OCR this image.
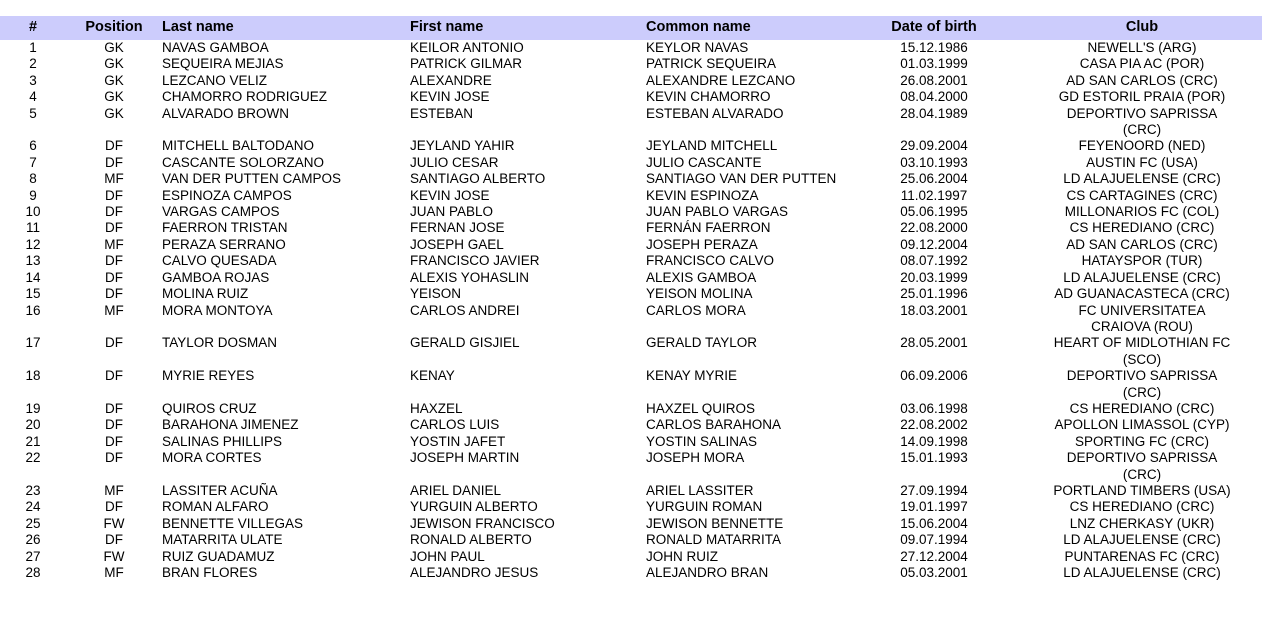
#	Position	Last name	First name	Common name	Date of birth	Club
1	GK	NAVAS GAMBOA	KEILOR ANTONIO	KEYLOR NAVAS	15.12.1986	NEWELL'S (ARG)

2	GK	SEQUEIRA MEJIAS	PATRICK GILMAR	PATRICK SEQUEIRA	01.03.1999	CASA PIA AC (POR)

3	GK	LEZCANO VELIZ	ALEXANDRE	ALEXANDRE LEZCANO	26.08.2001	AD SAN CARLOS (CRC)

4	GK	CHAMORRO RODRIGUEZ	KEVIN JOSE	KEVIN CHAMORRO	08.04.2000	GD ESTORIL PRAIA (POR)

5	GK	ALVARADO BROWN	ESTEBAN	ESTEBAN ALVARADO	28.04.1989	DEPORTIVO SAPRISSA (CRC)

6	DF	MITCHELL BALTODANO	JEYLAND YAHIR	JEYLAND MITCHELL	29.09.2004	FEYENOORD (NED)

7	DF	CASCANTE SOLORZANO	JULIO CESAR	JULIO CASCANTE	03.10.1993	AUSTIN FC (USA)

8	MF	VAN DER PUTTEN CAMPOS	SANTIAGO ALBERTO	SANTIAGO VAN DER PUTTEN	25.06.2004	LD ALAJUELENSE (CRC)

9	DF	ESPINOZA CAMPOS	KEVIN JOSE	KEVIN ESPINOZA	11.02.1997	CS CARTAGINES (CRC)

10	DF	VARGAS CAMPOS	JUAN PABLO	JUAN PABLO VARGAS	05.06.1995	MILLONARIOS FC (COL)

11	DF	FAERRON TRISTAN	FERNAN JOSE	FERNÁN FAERRON	22.08.2000	CS HEREDIANO (CRC)

12	MF	PERAZA SERRANO	JOSEPH GAEL	JOSEPH PERAZA	09.12.2004	AD SAN CARLOS (CRC)

13	DF	CALVO QUESADA	FRANCISCO JAVIER	FRANCISCO CALVO	08.07.1992	HATAYSPOR (TUR)

14	DF	GAMBOA ROJAS	ALEXIS YOHASLIN	ALEXIS GAMBOA	20.03.1999	LD ALAJUELENSE (CRC)

15	DF	MOLINA RUIZ	YEISON	YEISON MOLINA	25.01.1996	AD GUANACASTECA (CRC)

16	MF	MORA MONTOYA	CARLOS ANDREI	CARLOS MORA	18.03.2001	FC UNIVERSITATEA CRAIOVA (ROU)

17	DF	TAYLOR DOSMAN	GERALD GISJIEL	GERALD TAYLOR	28.05.2001	HEART OF MIDLOTHIAN FC (SCO)

18	DF	MYRIE REYES	KENAY	KENAY MYRIE	06.09.2006	DEPORTIVO SAPRISSA (CRC)

19	DF	QUIROS CRUZ	HAXZEL	HAXZEL QUIROS	03.06.1998	CS HEREDIANO (CRC)

20	DF	BARAHONA JIMENEZ	CARLOS LUIS	CARLOS BARAHONA	22.08.2002	APOLLON LIMASSOL (CYP)

21	DF	SALINAS PHILLIPS	YOSTIN JAFET	YOSTIN SALINAS	14.09.1998	SPORTING FC (CRC)

22	DF	MORA CORTES	JOSEPH MARTIN	JOSEPH MORA	15.01.1993	DEPORTIVO SAPRISSA (CRC)

23	MF	LASSITER ACUÑA	ARIEL DANIEL	ARIEL LASSITER	27.09.1994	PORTLAND TIMBERS (USA)

24	DF	ROMAN ALFARO	YURGUIN ALBERTO	YURGUIN ROMAN	19.01.1997	CS HEREDIANO (CRC)

25	FW	BENNETTE VILLEGAS	JEWISON FRANCISCO	JEWISON BENNETTE	15.06.2004	LNZ CHERKASY (UKR)

26	DF	MATARRITA ULATE	RONALD ALBERTO	RONALD MATARRITA	09.07.1994	LD ALAJUELENSE (CRC)

27	FW	RUIZ GUADAMUZ	JOHN PAUL	JOHN RUIZ	27.12.2004	PUNTARENAS FC (CRC)

28	MF	BRAN FLORES	ALEJANDRO JESUS	ALEJANDRO BRAN	05.03.2001	LD ALAJUELENSE (CRC)
